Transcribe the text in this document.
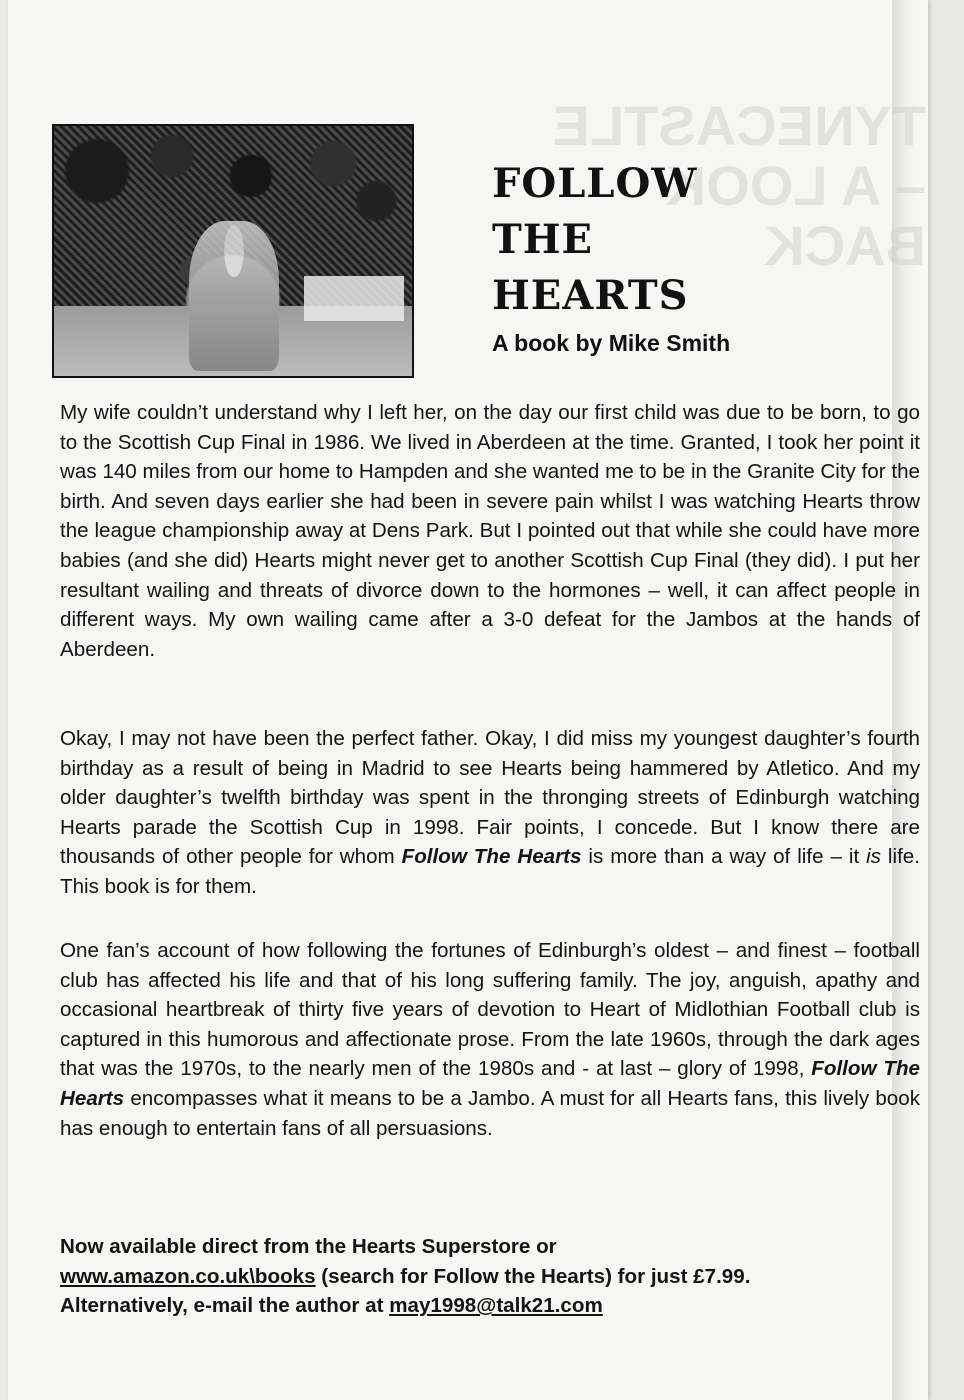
TYNECASTLE – A LOOK BACK
FOLLOW
THE
HEARTS
A book by Mike Smith

My wife couldn’t understand why I left her, on the day our first child was due to be born, to go to the Scottish Cup Final in 1986. We lived in Aberdeen at the time. Granted, I took her point it was 140 miles from our home to Hampden and she wanted me to be in the Granite City for the birth. And seven days earlier she had been in severe pain whilst I was watching Hearts throw the league championship away at Dens Park. But I pointed out that while she could have more babies (and she did) Hearts might never get to another Scottish Cup Final (they did). I put her resultant wailing and threats of divorce down to the hormones – well, it can affect people in different ways. My own wailing came after a 3-0 defeat for the Jambos at the hands of Aberdeen.

Okay, I may not have been the perfect father. Okay, I did miss my youngest daughter’s fourth birthday as a result of being in Madrid to see Hearts being hammered by Atletico. And my older daughter’s twelfth birthday was spent in the thronging streets of Edinburgh watching Hearts parade the Scottish Cup in 1998. Fair points, I concede. But I know there are thousands of other people for whom Follow The Hearts is more than a way of life – it is life. This book is for them.

One fan’s account of how following the fortunes of Edinburgh’s oldest – and finest – football club has affected his life and that of his long suffering family. The joy, anguish, apathy and occasional heartbreak of thirty five years of devotion to Heart of Midlothian Football club is captured in this humorous and affectionate prose. From the late 1960s, through the dark ages that was the 1970s, to the nearly men of the 1980s and - at last – glory of 1998, Follow The Hearts encompasses what it means to be a Jambo. A must for all Hearts fans, this lively book has enough to entertain fans of all persuasions.

Now available direct from the Hearts Superstore or
www.amazon.co.uk\books (search for Follow the Hearts) for just £7.99.
Alternatively, e-mail the author at may1998@talk21.com
